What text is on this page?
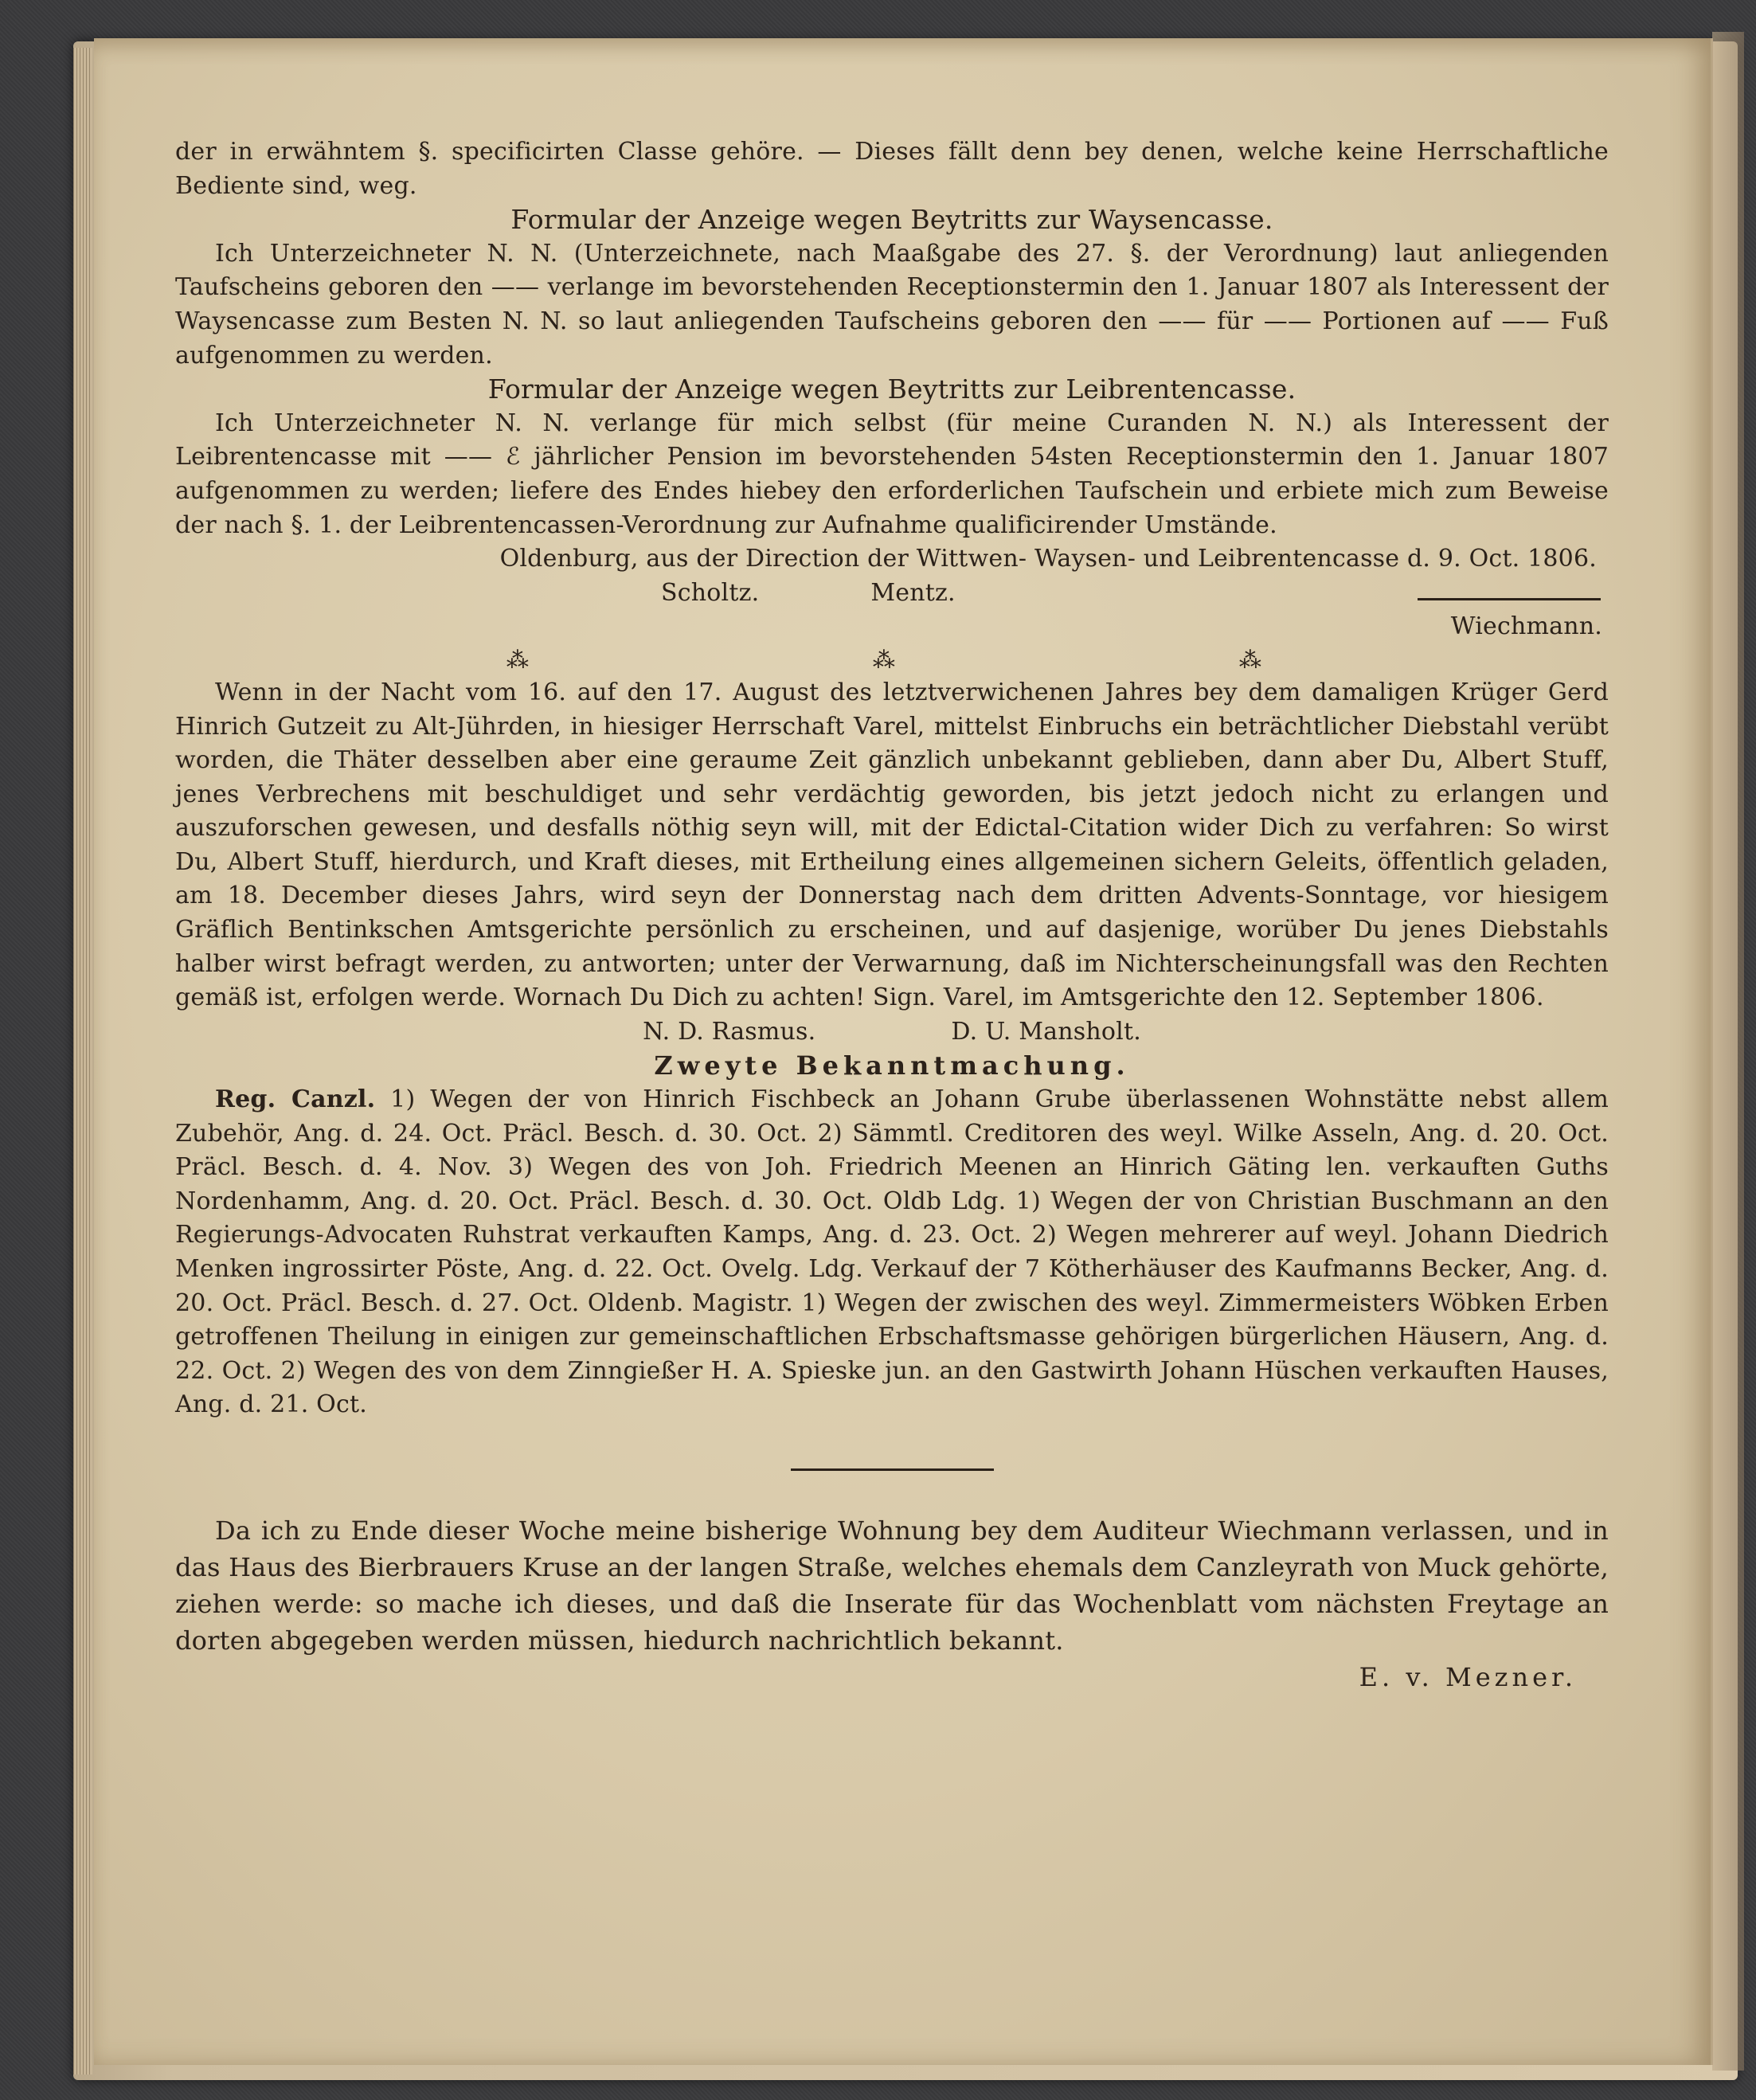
der in erwähntem §. specificirten Classe gehöre. — Dieses fällt denn bey denen, welche keine Herrschaftliche Bediente sind, weg.

Formular der Anzeige wegen Beytritts zur Waysencasse.

Ich Unterzeichneter N. N. (Unterzeichnete, nach Maaßgabe des 27. §. der Verordnung) laut anliegenden Taufscheins geboren den —— verlange im bevorstehenden Receptionstermin den 1. Januar 1807 als Interessent der Waysencasse zum Besten N. N. so laut anliegenden Taufscheins geboren den —— für —— Portionen auf —— Fuß aufgenommen zu werden.

Formular der Anzeige wegen Beytritts zur Leibrentencasse.

Ich Unterzeichneter N. N. verlange für mich selbst (für meine Curanden N. N.) als Interessent der Leibrentencasse mit —— ℰ jährlicher Pension im bevorstehenden 54sten Receptionstermin den 1. Januar 1807 aufgenommen zu werden; liefere des Endes hiebey den erforderlichen Taufschein und erbiete mich zum Beweise der nach §. 1. der Leibrentencassen-Verordnung zur Aufnahme qualificirender Umstände.

Oldenburg, aus der Direction der Wittwen- Waysen- und Leibrentencasse d. 9. Oct. 1806.

Scholtz.	Mentz.

Wiechmann.

⁂	⁂	⁂

Wenn in der Nacht vom 16. auf den 17. August des letztverwichenen Jahres bey dem damaligen Krüger Gerd Hinrich Gutzeit zu Alt-Jührden, in hiesiger Herrschaft Varel, mittelst Einbruchs ein beträchtlicher Diebstahl verübt worden, die Thäter desselben aber eine geraume Zeit gänzlich unbekannt geblieben, dann aber Du, Albert Stuff, jenes Verbrechens mit beschuldiget und sehr verdächtig geworden, bis jetzt jedoch nicht zu erlangen und auszuforschen gewesen, und desfalls nöthig seyn will, mit der Edictal-Citation wider Dich zu verfahren: So wirst Du, Albert Stuff, hierdurch, und Kraft dieses, mit Ertheilung eines allgemeinen sichern Geleits, öffentlich geladen, am 18. December dieses Jahrs, wird seyn der Donnerstag nach dem dritten Advents-Sonntage, vor hiesigem Gräflich Bentinkschen Amtsgerichte persönlich zu erscheinen, und auf dasjenige, worüber Du jenes Diebstahls halber wirst befragt werden, zu antworten; unter der Verwarnung, daß im Nichterscheinungsfall was den Rechten gemäß ist, erfolgen werde. Wornach Du Dich zu achten! Sign. Varel, im Amtsgerichte den 12. September 1806.

N. D. Rasmus.	D. U. Mansholt.

Zweyte Bekanntmachung.

Reg. Canzl. 1) Wegen der von Hinrich Fischbeck an Johann Grube überlassenen Wohnstätte nebst allem Zubehör, Ang. d. 24. Oct. Präcl. Besch. d. 30. Oct. 2) Sämmtl. Creditoren des weyl. Wilke Asseln, Ang. d. 20. Oct. Präcl. Besch. d. 4. Nov. 3) Wegen des von Joh. Friedrich Meenen an Hinrich Gäting len. verkauften Guths Nordenhamm, Ang. d. 20. Oct. Präcl. Besch. d. 30. Oct. Oldb Ldg. 1) Wegen der von Christian Buschmann an den Regierungs-Advocaten Ruhstrat verkauften Kamps, Ang. d. 23. Oct. 2) Wegen mehrerer auf weyl. Johann Diedrich Menken ingrossirter Pöste, Ang. d. 22. Oct. Ovelg. Ldg. Verkauf der 7 Kötherhäuser des Kaufmanns Becker, Ang. d. 20. Oct. Präcl. Besch. d. 27. Oct. Oldenb. Magistr. 1) Wegen der zwischen des weyl. Zimmermeisters Wöbken Erben getroffenen Theilung in einigen zur gemeinschaftlichen Erbschaftsmasse gehörigen bürgerlichen Häusern, Ang. d. 22. Oct. 2) Wegen des von dem Zinngießer H. A. Spieske jun. an den Gastwirth Johann Hüschen verkauften Hauses, Ang. d. 21. Oct.

Da ich zu Ende dieser Woche meine bisherige Wohnung bey dem Auditeur Wiechmann verlassen, und in das Haus des Bierbrauers Kruse an der langen Straße, welches ehemals dem Canzleyrath von Muck gehörte, ziehen werde: so mache ich dieses, und daß die Inserate für das Wochenblatt vom nächsten Freytage an dorten abgegeben werden müssen, hiedurch nachrichtlich bekannt.

E. v. Mezner.
